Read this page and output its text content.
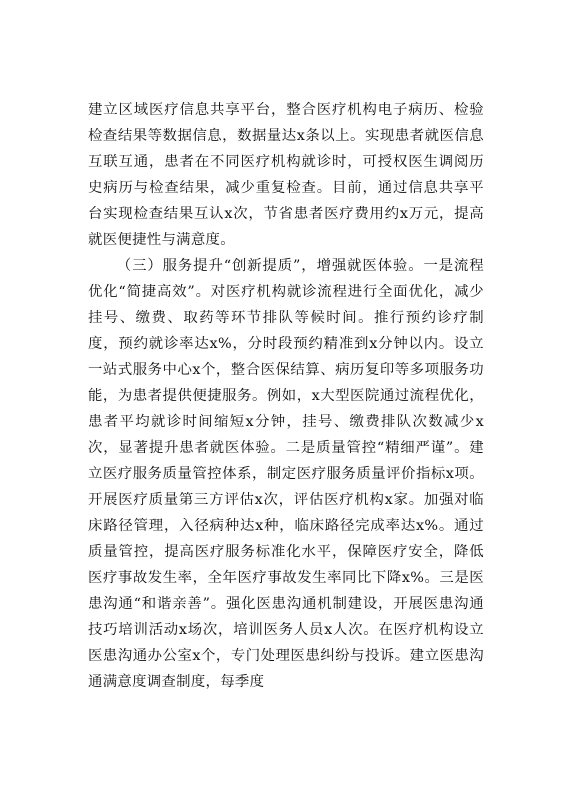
建立区域医疗信息共享平台，整合医疗机构电子病历、检验检查结果等数据信息，数据量达x条以上。实现患者就医信息互联互通，患者在不同医疗机构就诊时，可授权医生调阅历史病历与检查结果，减少重复检查。目前，通过信息共享平台实现检查结果互认x次，节省患者医疗费用约x万元，提高就医便捷性与满意度。

（三）服务提升“创新提质”，增强就医体验。一是流程优化“简捷高效”。对医疗机构就诊流程进行全面优化，减少挂号、缴费、取药等环节排队等候时间。推行预约诊疗制度，预约就诊率达x%，分时段预约精准到x分钟以内。设立一站式服务中心x个，整合医保结算、病历复印等多项服务功能，为患者提供便捷服务。例如，x大型医院通过流程优化，患者平均就诊时间缩短x分钟，挂号、缴费排队次数减少x次，显著提升患者就医体验。二是质量管控“精细严谨”。建立医疗服务质量管控体系，制定医疗服务质量评价指标x项。开展医疗质量第三方评估x次，评估医疗机构x家。加强对临床路径管理，入径病种达x种，临床路径完成率达x%。通过质量管控，提高医疗服务标准化水平，保障医疗安全，降低医疗事故发生率，全年医疗事故发生率同比下降x%。三是医患沟通“和谐亲善”。强化医患沟通机制建设，开展医患沟通技巧培训活动x场次，培训医务人员x人次。在医疗机构设立医患沟通办公室x个，专门处理医患纠纷与投诉。建立医患沟通满意度调查制度，每季度
